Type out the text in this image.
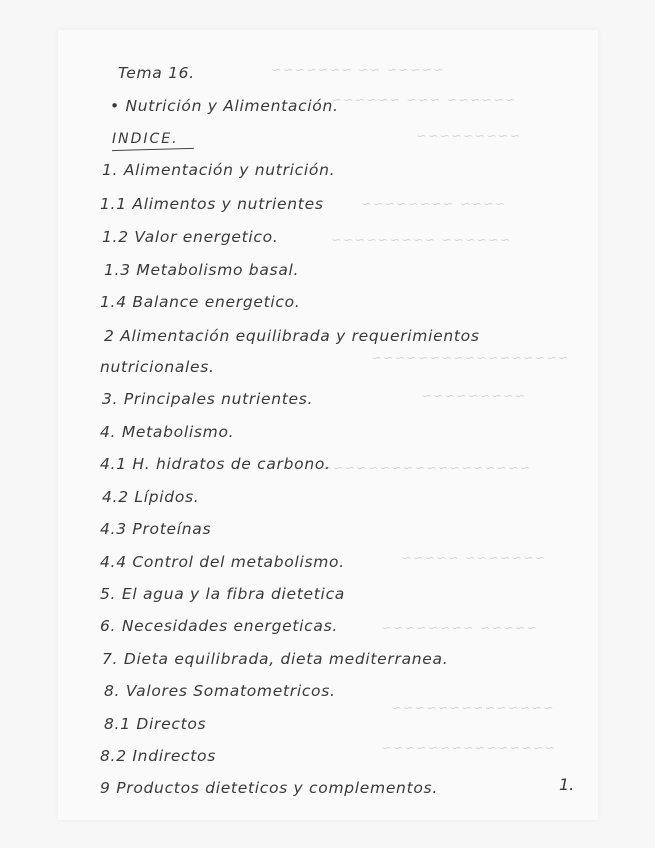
~~~~~ ~~ ~~~~~~~
~~~~~~ ~~~ ~~~~~~
~~~~~~~~~
~~~~ ~~~~~~~~
~~~~~~ ~~~~~~~~~
~~~~~~~~~~~~~~~~~
~~~~~~~~~
~~~~~~~~~~~~~~~~~~
~~~~~~~ ~~~~~
~~~~~ ~~~~~~~~
~~~~~~~~~~~~~~
~~~~~~~~~~~~~~~
Tema 16.
• Nutrición y Alimentación.
INDICE.
1. Alimentación y nutrición.
1.1 Alimentos y nutrientes
1.2 Valor energetico.
1.3 Metabolismo basal.
1.4 Balance energetico.
2 Alimentación equilibrada y requerimientos
nutricionales.
3. Principales nutrientes.
4. Metabolismo.
4.1 H. hidratos de carbono.
4.2 Lípidos.
4.3 Proteínas
4.4 Control del metabolismo.
5. El agua y la fibra dietetica
6. Necesidades energeticas.
7. Dieta equilibrada, dieta mediterranea.
8. Valores Somatometricos.
8.1 Directos
8.2 Indirectos
9 Productos dieteticos y complementos.	1.
